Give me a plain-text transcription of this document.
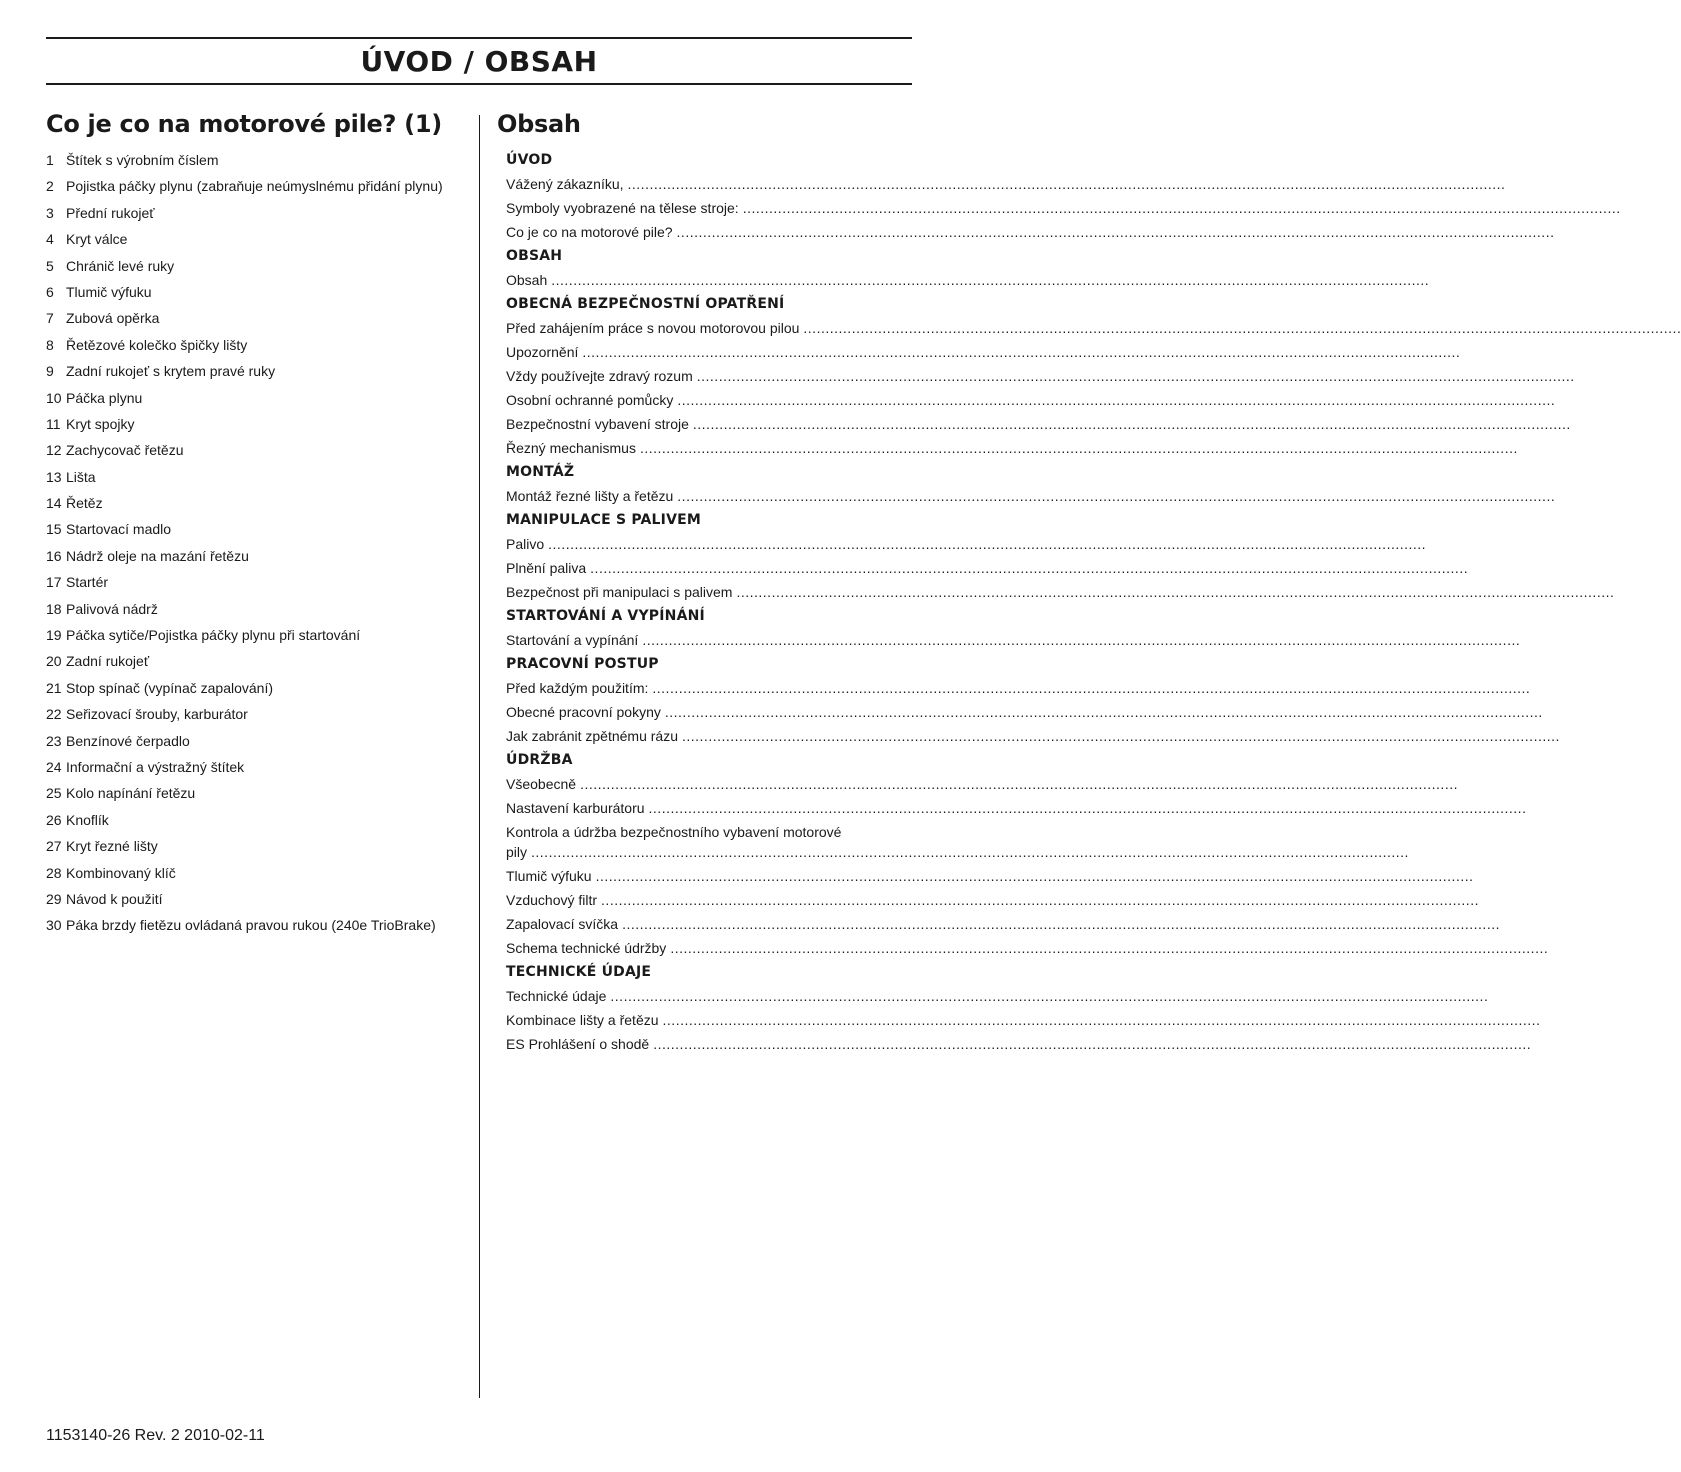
ÚVOD / OBSAH
Co je co na motorové pile? (1)
1 Štítek s výrobním číslem
2 Pojistka páčky plynu (zabraňuje neúmyslnému přidání plynu)
3 Přední rukojeť
4 Kryt válce
5 Chránič levé ruky
6 Tlumič výfuku
7 Zubová opěrka
8 Řetězové kolečko špičky lišty
9 Zadní rukojeť s krytem pravé ruky
10 Páčka plynu
11 Kryt spojky
12 Zachycovač řetězu
13 Lišta
14 Řetěz
15 Startovací madlo
16 Nádrž oleje na mazání řetězu
17 Startér
18 Palivová nádrž
19 Páčka sytiče/Pojistka páčky plynu při startování
20 Zadní rukojeť
21 Stop spínač (vypínač zapalování)
22 Seřizovací šrouby, karburátor
23 Benzínové čerpadlo
24 Informační a výstražný štítek
25 Kolo napínání řetězu
26 Knoflík
27 Kryt řezné lišty
28 Kombinovaný klíč
29 Návod k použití
30 Páka brzdy fietězu ovládaná pravou rukou (240e TrioBrake)
Obsah
ÚVOD
Vážený zákazníku, ........................................................................................................................................................................................................
Symboly vyobrazené na tělese stroje: ........................................................................................................................................................................................................
Co je co na motorové pile? ........................................................................................................................................................................................................
OBSAH
Obsah ........................................................................................................................................................................................................
OBECNÁ BEZPEČNOSTNÍ OPATŘENÍ
Před zahájením práce s novou motorovou pilou ........................................................................................................................................................................................................
Upozornění ........................................................................................................................................................................................................
Vždy používejte zdravý rozum ........................................................................................................................................................................................................
Osobní ochranné pomůcky ........................................................................................................................................................................................................
Bezpečnostní vybavení stroje ........................................................................................................................................................................................................
Řezný mechanismus ........................................................................................................................................................................................................
MONTÁŽ
Montáž řezné lišty a řetězu ........................................................................................................................................................................................................
MANIPULACE S PALIVEM
Palivo ........................................................................................................................................................................................................
Plnění paliva ........................................................................................................................................................................................................
Bezpečnost při manipulaci s palivem ........................................................................................................................................................................................................
STARTOVÁNÍ A VYPÍNÁNÍ
Startování a vypínání ........................................................................................................................................................................................................
PRACOVNÍ POSTUP
Před každým použitím: ........................................................................................................................................................................................................
Obecné pracovní pokyny ........................................................................................................................................................................................................
Jak zabránit zpětnému rázu ........................................................................................................................................................................................................
ÚDRŽBA
Všeobecně ........................................................................................................................................................................................................
Nastavení karburátoru ........................................................................................................................................................................................................
Kontrola a údržba bezpečnostního vybavení motorové
pily ........................................................................................................................................................................................................
Tlumič výfuku ........................................................................................................................................................................................................
Vzduchový filtr ........................................................................................................................................................................................................
Zapalovací svíčka ........................................................................................................................................................................................................
Schema technické údržby ........................................................................................................................................................................................................
TECHNICKÉ ÚDAJE
Technické údaje ........................................................................................................................................................................................................
Kombinace lišty a řetězu ........................................................................................................................................................................................................
ES Prohlášení o shodě ........................................................................................................................................................................................................
1153140-26 Rev. 2 2010-02-11
